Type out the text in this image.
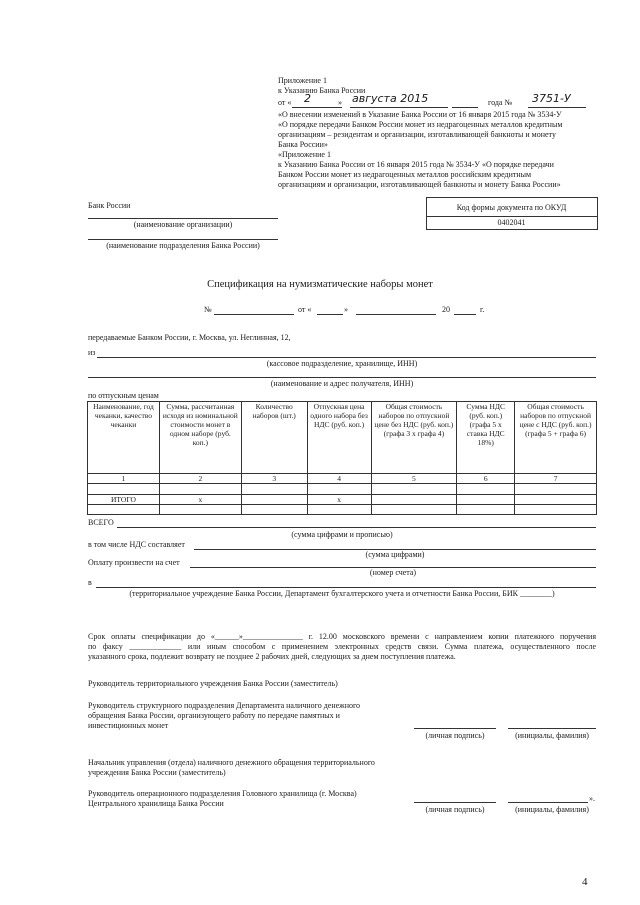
Приложение 1
к Указанию Банка России
от « 2	» августа 2015	года № 3751-У
«О внесении изменений в Указание Банка России от 16 января 2015 года № 3534-У
«О порядке передачи Банком России монет из недрагоценных металлов кредитным
организациям – резидентам и организации, изготавливающей банкноты и монету
Банка России»
«Приложение 1
к Указанию Банка России от 16 января 2015 года № 3534-У «О порядке передачи
Банком России монет из недрагоценных металлов российским кредитным
организациям и организации, изготавливающей банкноты и монету Банка России»
Банк России
(наименование организации)
(наименование подразделения Банка России)
Код формы документа по ОКУД
0402041
Спецификация на нумизматические наборы монет
№	от «	»	20	г.
передаваемые Банком России, г. Москва, ул. Неглинная, 12,
из
(кассовое подразделение, хранилище, ИНН)
(наименование и адрес получателя, ИНН)
по отпускным ценам
Наименование, год чеканки, качество чеканки	Сумма, рассчитанная исходя из номинальной стоимости монет в одном наборе (руб. коп.)	Количество наборов (шт.)	Отпускная цена одного набора без НДС (руб. коп.)	Общая стоимость наборов по отпускной цене без НДС (руб. коп.) (графа 3 х графа 4)	Сумма НДС (руб. коп.) (графа 5 х ставка НДС 18%)	Общая стоимость наборов по отпускной цене с НДС (руб. коп.) (графа 5 + графа 6)
1	2	3	4	5	6	7

ИТОГО	х		х			

ВСЕГО
(сумма цифрами и прописью)
в том числе НДС составляет
(сумма цифрами)
Оплату произвести на счет
(номер счета)
в
(территориальное учреждение Банка России, Департамент бухгалтерского учета и отчетности Банка России, БИК ________)
Срок оплаты спецификации до «______»_______________ г. 12.00 московского времени с направлением копии платежного поручения
по факсу _____________ или иным способом с применением электронных средств связи. Сумма платежа, осуществленного после
указанного срока, подлежит возврату не позднее 2 рабочих дней, следующих за днем поступления платежа.
Руководитель территориального учреждения Банка России (заместитель)
Руководитель структурного подразделения Департамента наличного денежного
обращения Банка России, организующего работу по передаче памятных и
инвестиционных монет
(личная подпись)	(инициалы, фамилия)
Начальник управления (отдела) наличного денежного обращения территориального
учреждения Банка России (заместитель)
Руководитель операционного подразделения Головного хранилища (г. Москва)
Центрального хранилища Банка России
».
(личная подпись)	(инициалы, фамилия)
4
